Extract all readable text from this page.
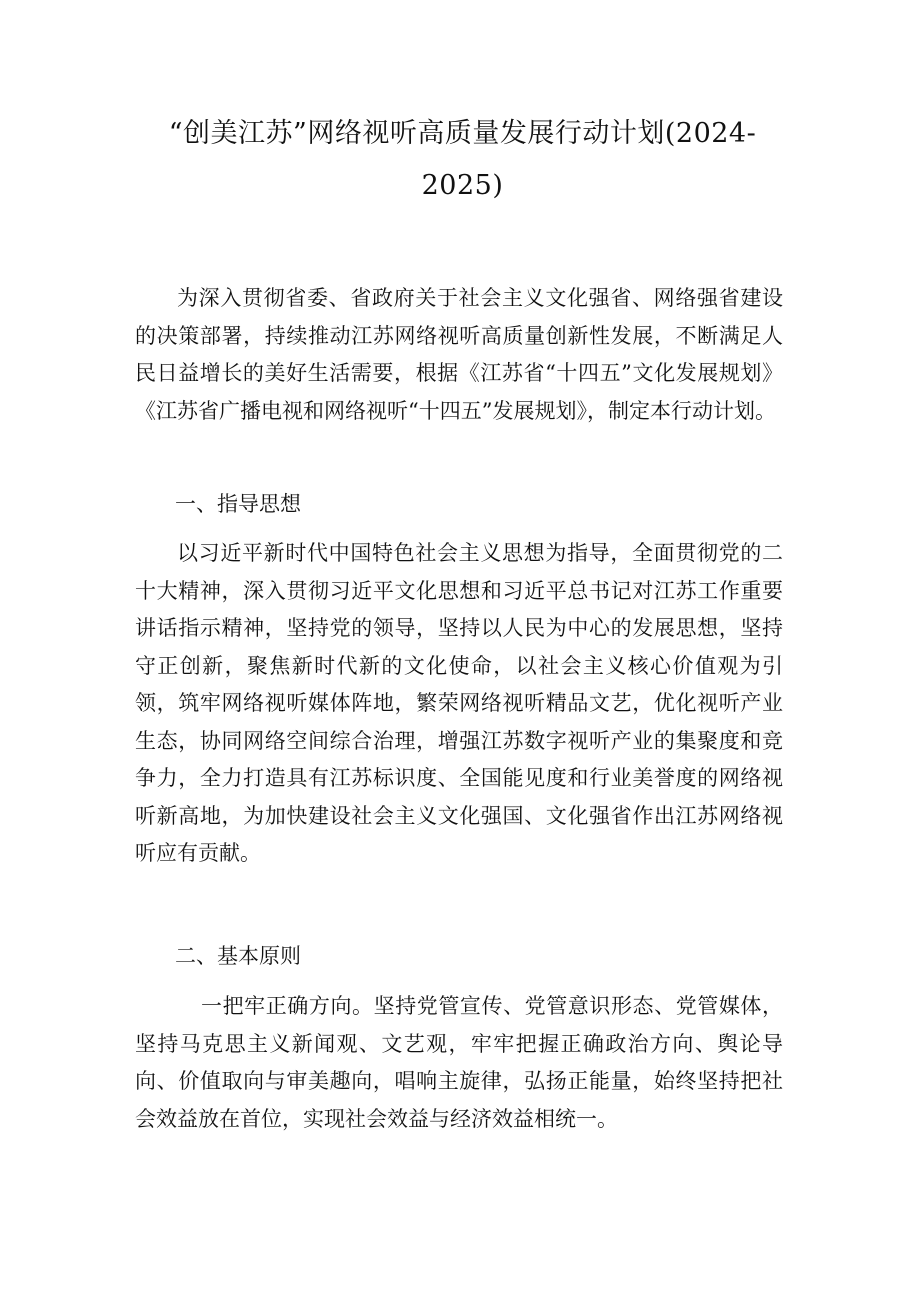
“创美江苏”网络视听高质量发展行动计划(2024-2025)

为深入贯彻省委、省政府关于社会主义文化强省、网络强省建设的决策部署，持续推动江苏网络视听高质量创新性发展，不断满足人民日益增长的美好生活需要，根据《江苏省“十四五”文化发展规划》《江苏省广播电视和网络视听“十四五”发展规划》，制定本行动计划。

一、指导思想

以习近平新时代中国特色社会主义思想为指导，全面贯彻党的二十大精神，深入贯彻习近平文化思想和习近平总书记对江苏工作重要讲话指示精神，坚持党的领导，坚持以人民为中心的发展思想，坚持守正创新，聚焦新时代新的文化使命，以社会主义核心价值观为引领，筑牢网络视听媒体阵地，繁荣网络视听精品文艺，优化视听产业生态，协同网络空间综合治理，增强江苏数字视听产业的集聚度和竞争力，全力打造具有江苏标识度、全国能见度和行业美誉度的网络视听新高地，为加快建设社会主义文化强国、文化强省作出江苏网络视听应有贡献。

二、基本原则

一把牢正确方向。坚持党管宣传、党管意识形态、党管媒体，坚持马克思主义新闻观、文艺观，牢牢把握正确政治方向、舆论导向、价值取向与审美趣向，唱响主旋律，弘扬正能量，始终坚持把社会效益放在首位，实现社会效益与经济效益相统一。
